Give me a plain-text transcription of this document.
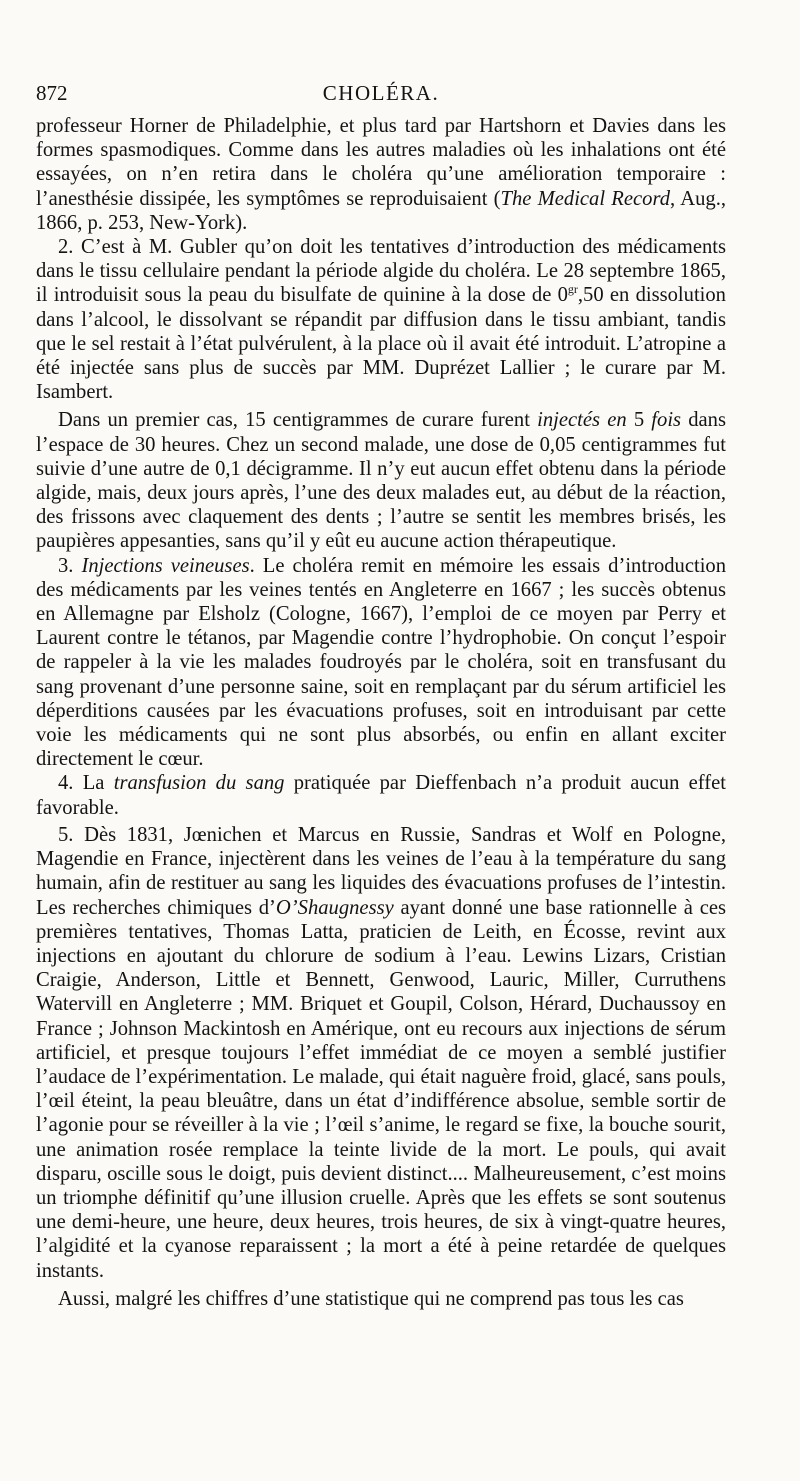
872	CHOLÉRA.

professeur Horner de Philadelphie, et plus tard par Hartshorn et Davies dans les formes spasmodiques. Comme dans les autres maladies où les inhalations ont été essayées, on n’en retira dans le choléra qu’une amélioration temporaire : l’anesthésie dissipée, les symptômes se reproduisaient (The Medical Record, Aug., 1866, p. 253, New-York).

2. C’est à M. Gubler qu’on doit les tentatives d’introduction des médicaments dans le tissu cellulaire pendant la période algide du choléra. Le 28 septembre 1865, il introduisit sous la peau du bisulfate de quinine à la dose de $0^{gr},50$ en dissolution dans l’alcool, le dissolvant se répandit par diffusion dans le tissu ambiant, tandis que le sel restait à l’état pulvérulent, à la place où il avait été introduit. L’atropine a été injectée sans plus de succès par MM. Duprézet Lallier ; le curare par M. Isambert.

Dans un premier cas, 15 centigrammes de curare furent injectés en 5 fois dans l’espace de 30 heures. Chez un second malade, une dose de 0,05 centigrammes fut suivie d’une autre de 0,1 décigramme. Il n’y eut aucun effet obtenu dans la période algide, mais, deux jours après, l’une des deux malades eut, au début de la réaction, des frissons avec claquement des dents ; l’autre se sentit les membres brisés, les paupières appesanties, sans qu’il y eût eu aucune action thérapeutique.

3. Injections veineuses. Le choléra remit en mémoire les essais d’introduction des médicaments par les veines tentés en Angleterre en 1667 ; les succès obtenus en Allemagne par Elsholz (Cologne, 1667), l’emploi de ce moyen par Perry et Laurent contre le tétanos, par Magendie contre l’hydrophobie. On conçut l’espoir de rappeler à la vie les malades foudroyés par le choléra, soit en transfusant du sang provenant d’une personne saine, soit en remplaçant par du sérum artificiel les déperditions causées par les évacuations profuses, soit en introduisant par cette voie les médicaments qui ne sont plus absorbés, ou enfin en allant exciter directement le cœur.

4. La transfusion du sang pratiquée par Dieffenbach n’a produit aucun effet favorable.

5. Dès 1831, Jœnichen et Marcus en Russie, Sandras et Wolf en Pologne, Magendie en France, injectèrent dans les veines de l’eau à la température du sang humain, afin de restituer au sang les liquides des évacuations profuses de l’intestin. Les recherches chimiques d’O’Shaugnessy ayant donné une base rationnelle à ces premières tentatives, Thomas Latta, praticien de Leith, en Écosse, revint aux injections en ajoutant du chlorure de sodium à l’eau. Lewins Lizars, Cristian Craigie, Anderson, Little et Bennett, Genwood, Lauric, Miller, Curruthens Watervill en Angleterre ; MM. Briquet et Goupil, Colson, Hérard, Duchaussoy en France ; Johnson Mackintosh en Amérique, ont eu recours aux injections de sérum artificiel, et presque toujours l’effet immédiat de ce moyen a semblé justifier l’audace de l’expérimentation. Le malade, qui était naguère froid, glacé, sans pouls, l’œil éteint, la peau bleuâtre, dans un état d’indifférence absolue, semble sortir de l’agonie pour se réveiller à la vie ; l’œil s’anime, le regard se fixe, la bouche sourit, une animation rosée remplace la teinte livide de la mort. Le pouls, qui avait disparu, oscille sous le doigt, puis devient distinct.... Malheureusement, c’est moins un triomphe définitif qu’une illusion cruelle. Après que les effets se sont soutenus une demi-heure, une heure, deux heures, trois heures, de six à vingt-quatre heures, l’algidité et la cyanose reparaissent ; la mort a été à peine retardée de quelques instants.

Aussi, malgré les chiffres d’une statistique qui ne comprend pas tous les cas
